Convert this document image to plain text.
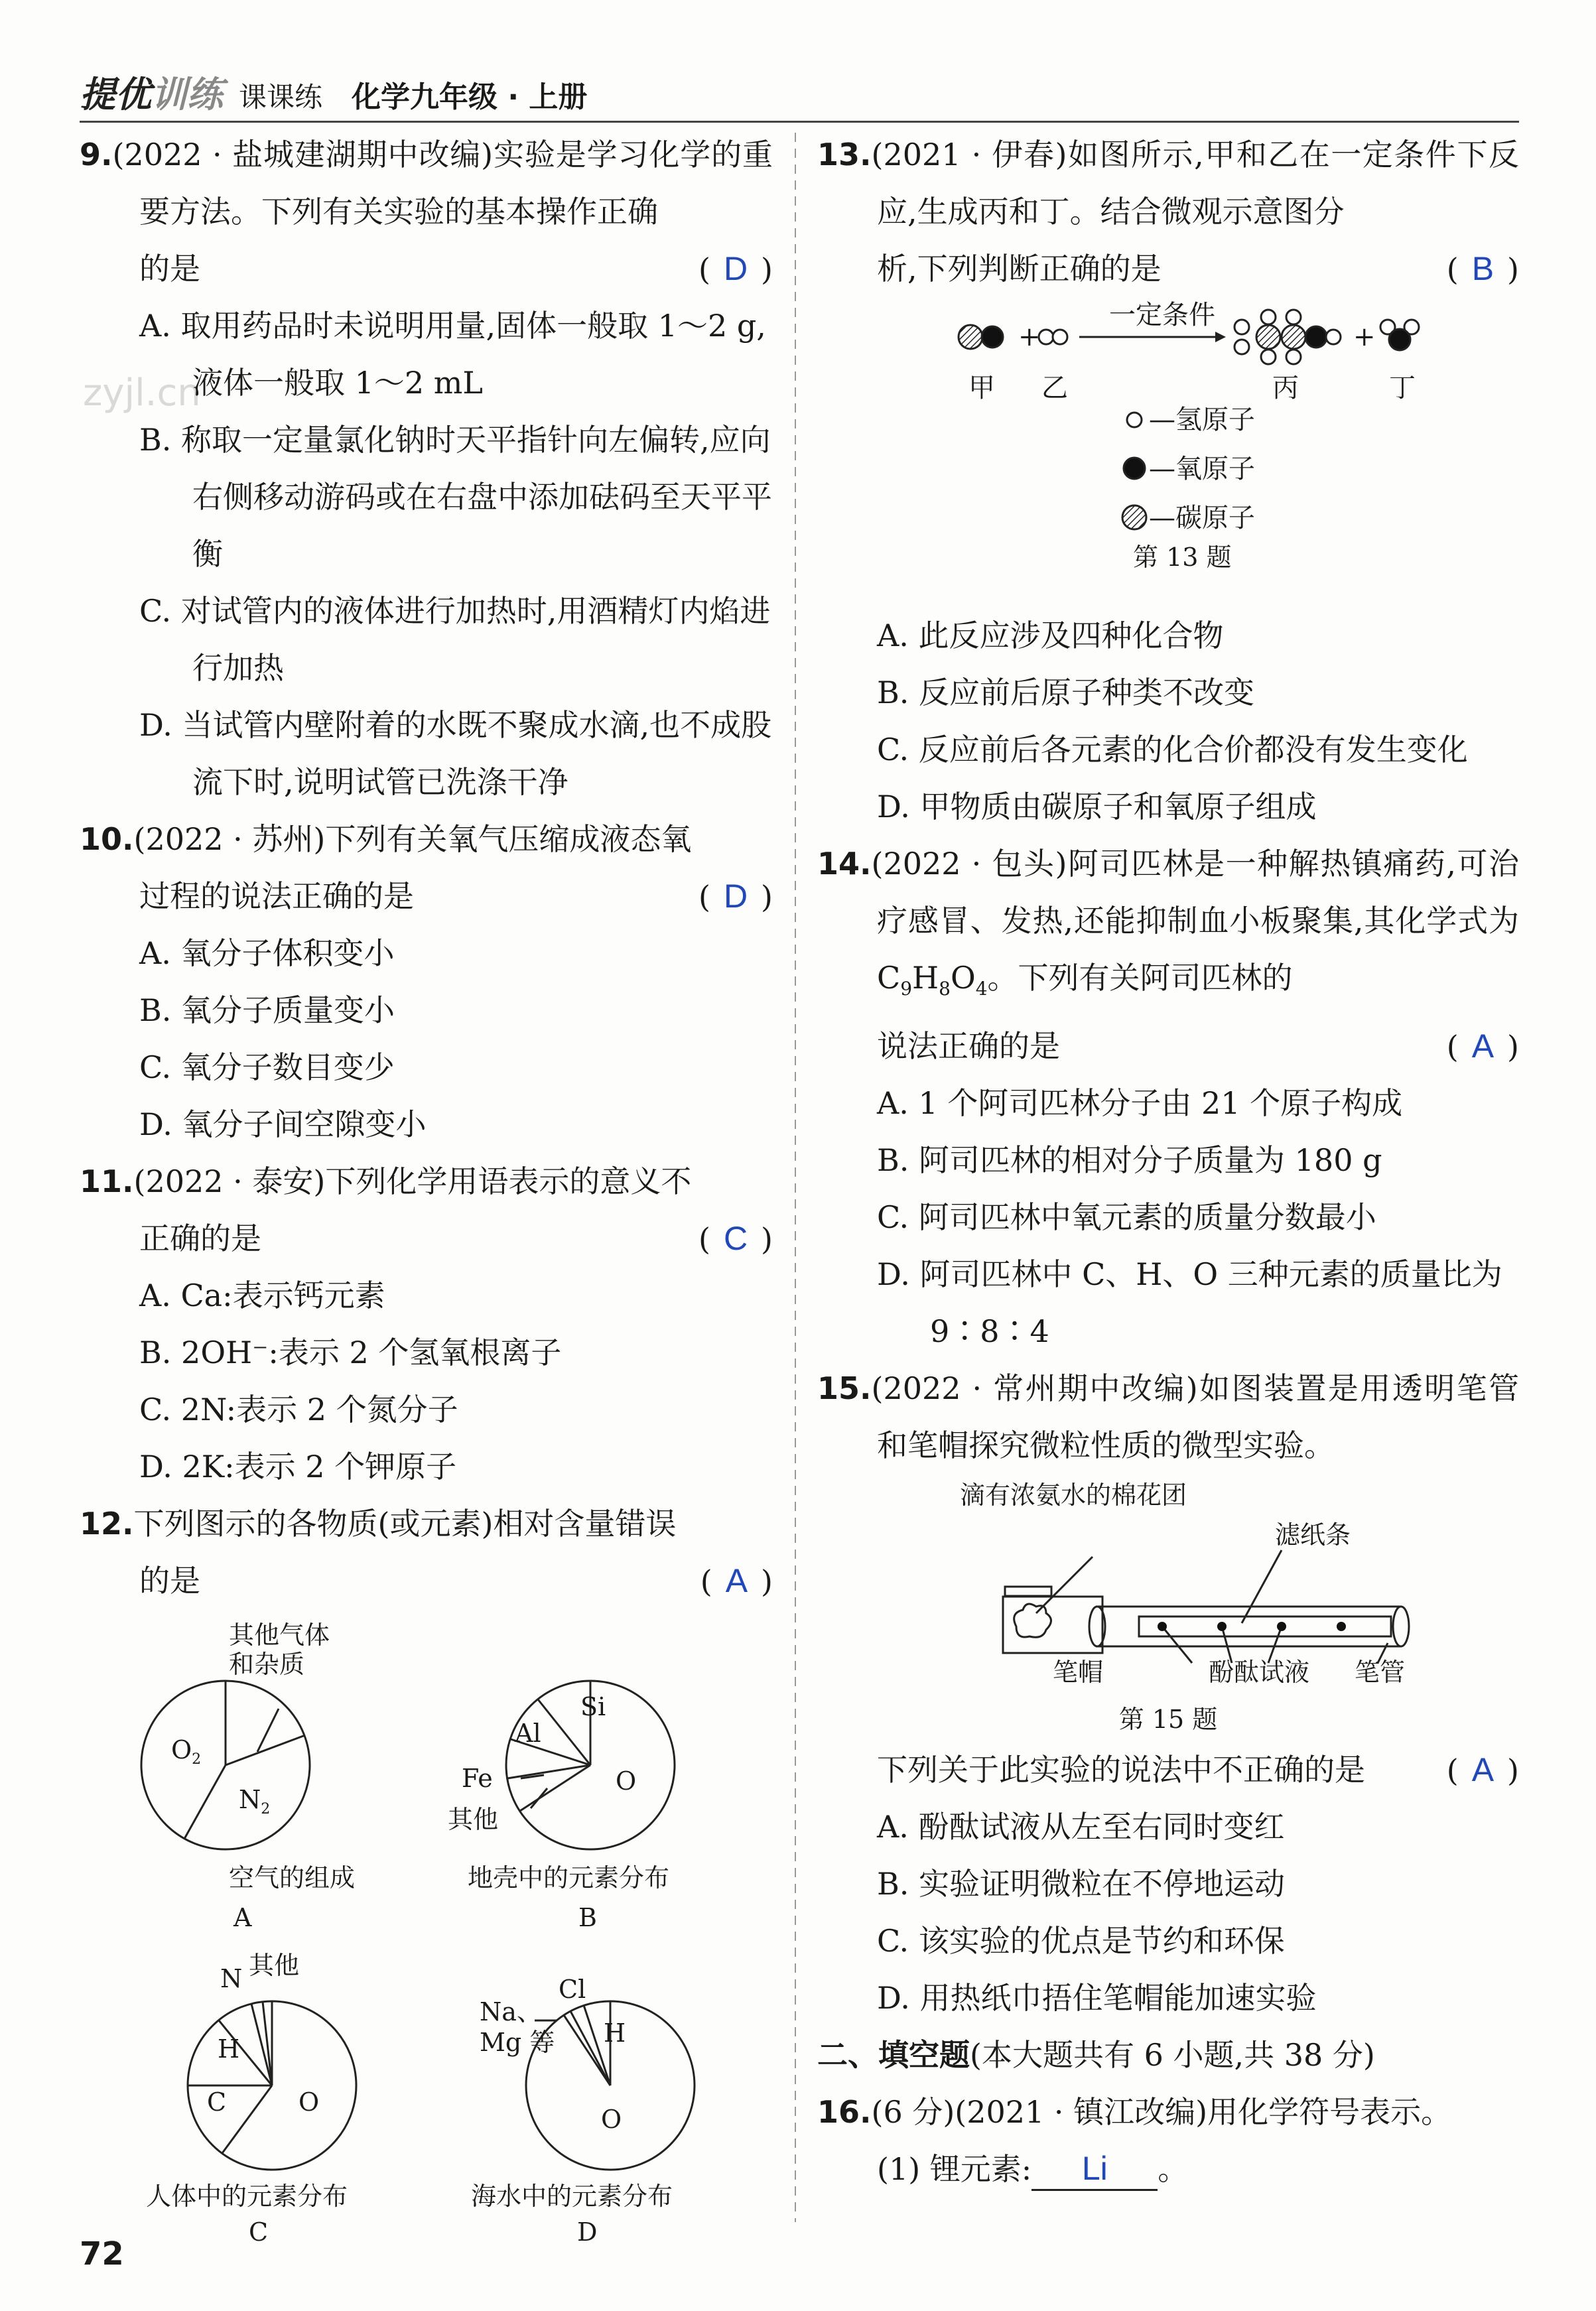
提优训练 课课练 化学九年级 · 上册
zyjl.cn
9.(2022 · 盐城建湖期中改编)实验是学习化学的重要方法。下列有关实验的基本操作正确
的是	( D )
A. 取用药品时未说明用量,固体一般取 1～2 g,液体一般取 1～2 mL
B. 称取一定量氯化钠时天平指针向左偏转,应向右侧移动游码或在右盘中添加砝码至天平平衡
C. 对试管内的液体进行加热时,用酒精灯内焰进行加热
D. 当试管内壁附着的水既不聚成水滴,也不成股流下时,说明试管已洗涤干净
10.(2022 · 苏州)下列有关氧气压缩成液态氧
过程的说法正确的是	( D )
A. 氧分子体积变小
B. 氧分子质量变小
C. 氧分子数目变少
D. 氧分子间空隙变小
11.(2022 · 泰安)下列化学用语表示的意义不
正确的是	( C )
A. Ca:表示钙元素
B. 2OH⁻:表示 2 个氢氧根离子
C. 2N:表示 2 个氮分子
D. 2K:表示 2 个钾原子
12.下列图示的各物质(或元素)相对含量错误
的是	( A )
其他气体
和杂质
$O_2$
$N_2$
空气的组成
A
Si
Al
Fe
其他
O
地壳中的元素分布
B
N 其他
H
C	O
人体中的元素分布
C
Na、
Mg 等
Cl
H
O
海水中的元素分布
D
13.(2021 · 伊春)如图所示,甲和乙在一定条件下反应,生成丙和丁。结合微观示意图分
析,下列判断正确的是	( B )
+	+
一定条件
甲 乙	丙	丁
—氢原子
—氧原子
—碳原子
第 13 题
A. 此反应涉及四种化合物
B. 反应前后原子种类不改变
C. 反应前后各元素的化合价都没有发生变化
D. 甲物质由碳原子和氧原子组成
14.(2022 · 包头)阿司匹林是一种解热镇痛药,可治疗感冒、发热,还能抑制血小板聚集,其化学式为 $C_9H_8O_4$。下列有关阿司匹林的
说法正确的是	( A )
A. 1 个阿司匹林分子由 21 个原子构成
B. 阿司匹林的相对分子质量为 180 g
C. 阿司匹林中氧元素的质量分数最小
D. 阿司匹林中 C、H、O 三种元素的质量比为 9∶8∶4
15.(2022 · 常州期中改编)如图装置是用透明笔管和笔帽探究微粒性质的微型实验。
滴有浓氨水的棉花团
滤纸条
笔帽	酚酞试液 笔管
第 15 题
下列关于此实验的说法中不正确的是	( A )
A. 酚酞试液从左至右同时变红
B. 实验证明微粒在不停地运动
C. 该实验的优点是节约和环保
D. 用热纸巾捂住笔帽能加速实验
二、填空题(本大题共有 6 小题,共 38 分)
16.(6 分)(2021 · 镇江改编)用化学符号表示。
(1) 锂元素: Li 。
72
